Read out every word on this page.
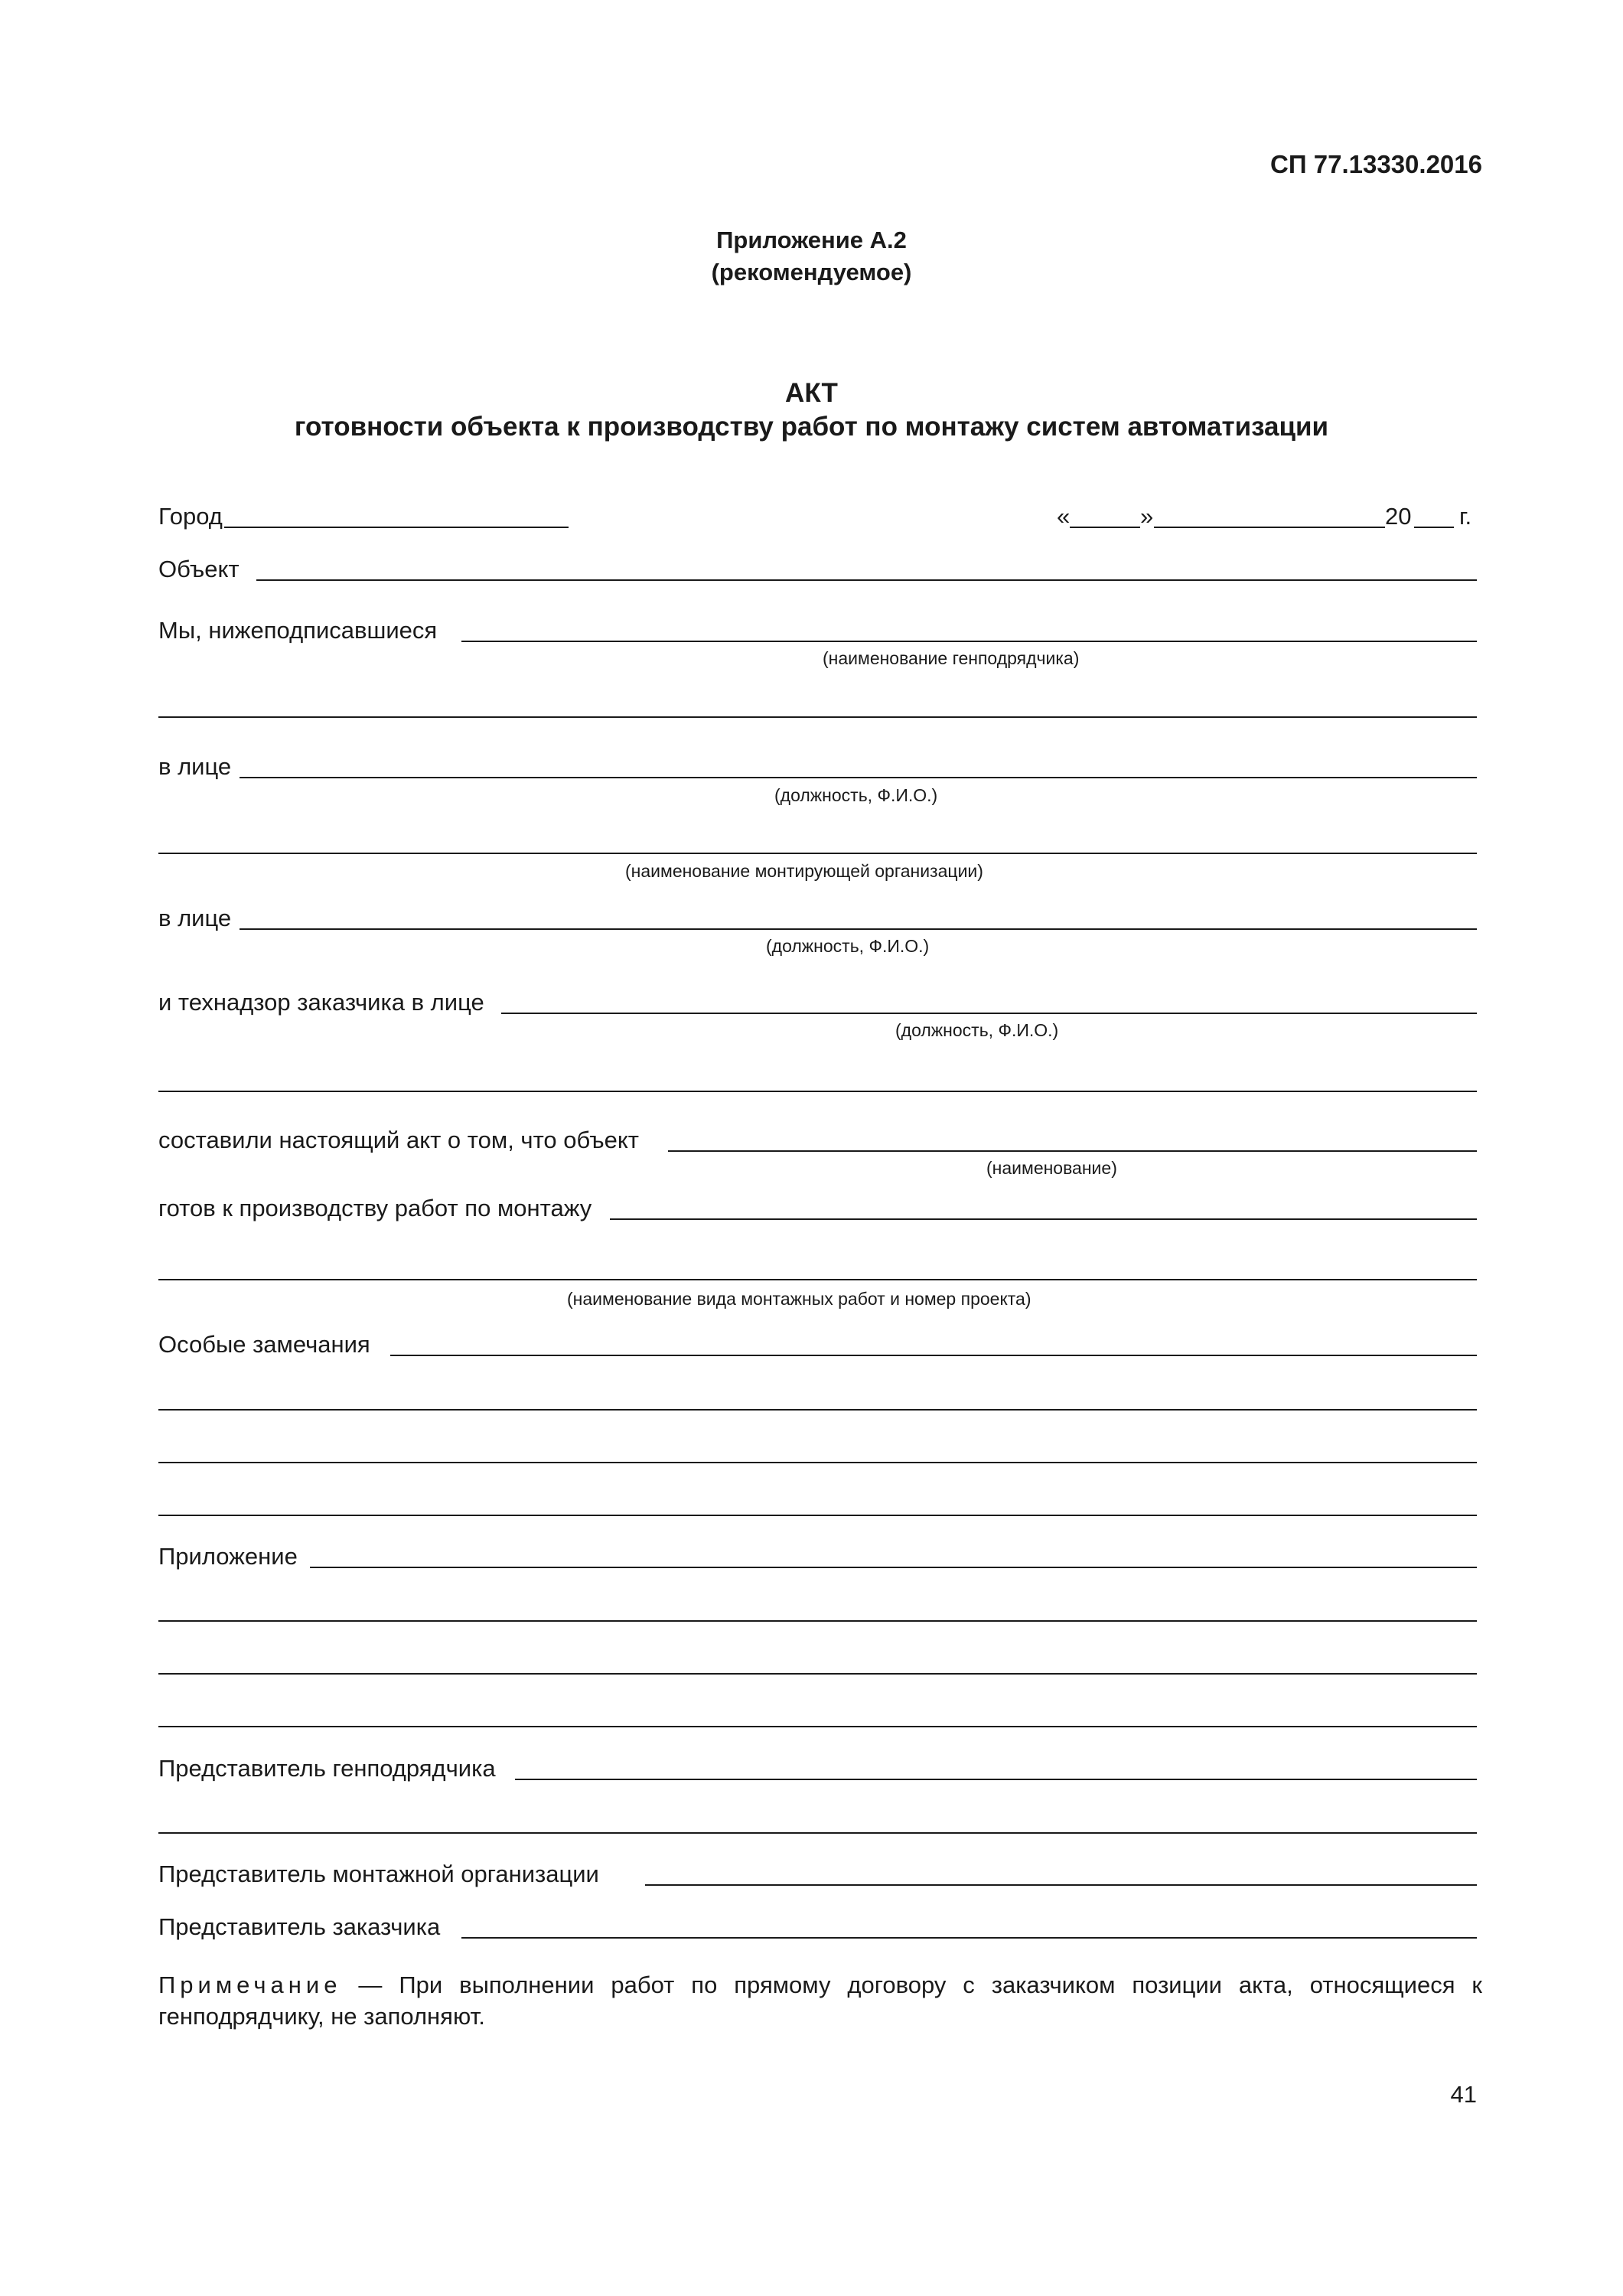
СП 77.13330.2016
Приложение А.2
(рекомендуемое)
АКТ
готовности объекта к производству работ по монтажу систем автоматизации
Город	«	»	20 г.
Объект
Мы, нижеподписавшиеся
(наименование генподрядчика)
в лице
(должность, Ф.И.О.)
(наименование монтирующей организации)
в лице
(должность, Ф.И.О.)
и технадзор заказчика в лице
(должность, Ф.И.О.)
составили настоящий акт о том, что объект
(наименование)
готов к производству работ по монтажу
(наименование вида монтажных работ и номер проекта)
Особые замечания
Приложение
Представитель генподрядчика
Представитель монтажной организации
Представитель заказчика
Примечание — При выполнении работ по прямому договору с заказчиком позиции акта, относящиеся к генподрядчику, не заполняют.
41
